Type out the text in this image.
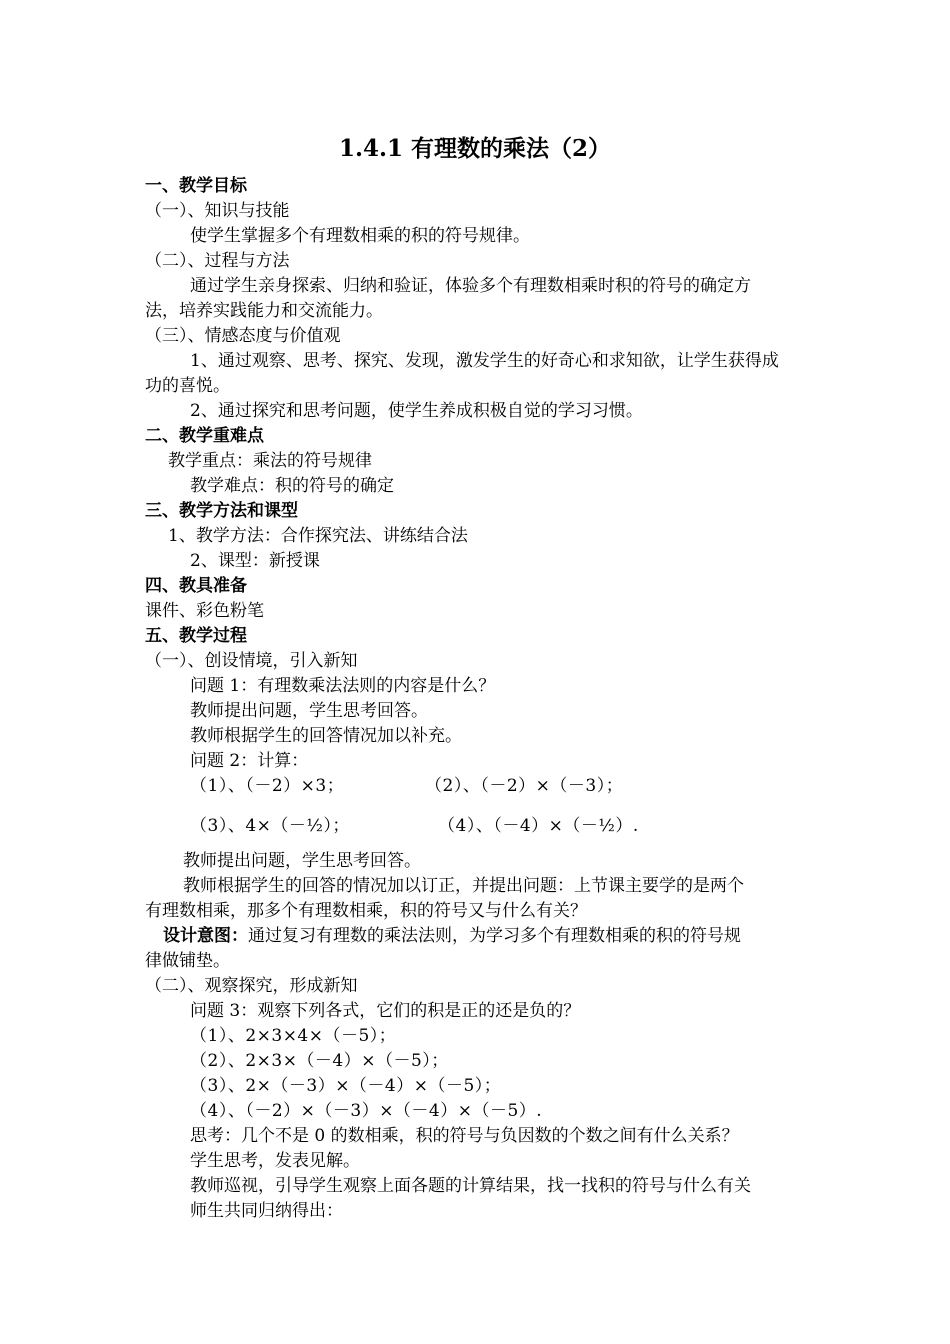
1.4.1 有理数的乘法（2）
一、教学目标
（一）、知识与技能
使学生掌握多个有理数相乘的积的符号规律。
（二）、过程与方法
通过学生亲身探索、归纳和验证，体验多个有理数相乘时积的符号的确定方
法，培养实践能力和交流能力。
（三）、情感态度与价值观
1、通过观察、思考、探究、发现，激发学生的好奇心和求知欲，让学生获得成
功的喜悦。
2、通过探究和思考问题，使学生养成积极自觉的学习习惯。
二、教学重难点
教学重点：乘法的符号规律
教学难点：积的符号的确定
三、教学方法和课型
1、教学方法：合作探究法、讲练结合法
2、课型：新授课
四、教具准备
课件、彩色粉笔
五、教学过程
（一）、创设情境，引入新知
问题 1：有理数乘法法则的内容是什么？
教师提出问题，学生思考回答。
教师根据学生的回答情况加以补充。
问题 2：计算：
（1）、（－2）×3；	（2）、（－2）×（－3）；
（3）、4×（－½）；	（4）、（－4）×（－½）.
教师提出问题，学生思考回答。
教师根据学生的回答的情况加以订正，并提出问题：上节课主要学的是两个
有理数相乘，那多个有理数相乘，积的符号又与什么有关？
设计意图：通过复习有理数的乘法法则，为学习多个有理数相乘的积的符号规
律做铺垫。
（二）、观察探究，形成新知
问题 3：观察下列各式，它们的积是正的还是负的？
（1）、2×3×4×（－5）；
（2）、2×3×（－4）×（－5）；
（3）、2×（－3）×（－4）×（－5）；
（4）、（－2）×（－3）×（－4）×（－5）.
思考：几个不是 0 的数相乘，积的符号与负因数的个数之间有什么关系？
学生思考，发表见解。
教师巡视，引导学生观察上面各题的计算结果，找一找积的符号与什么有关
师生共同归纳得出：
